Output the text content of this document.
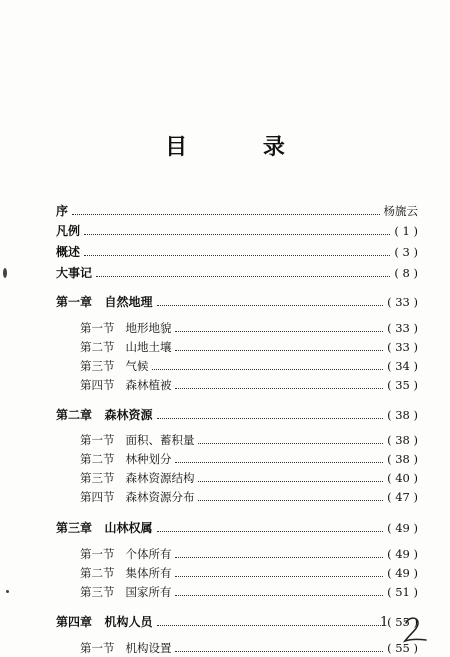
目 录
序	杨旒云
凡例	( 1 )
概述	( 3 )
大事记	( 8 )
第一章   自然地理	( 33 )
第一节   地形地貌	( 33 )
第二节   山地土壤	( 33 )
第三节   气候	( 34 )
第四节   森林植被	( 35 )
第二章   森林资源	( 38 )
第一节   面积、蓄积量	( 38 )
第二节   林种划分	( 38 )
第三节   森林资源结构	( 40 )
第四节   森林资源分布	( 47 )
第三章   山林权属	( 49 )
第一节   个体所有	( 49 )
第二节   集体所有	( 49 )
第三节   国家所有	( 51 )
第四章   机构人员	( 55 )
第一节   机构设置	( 55 )
1
